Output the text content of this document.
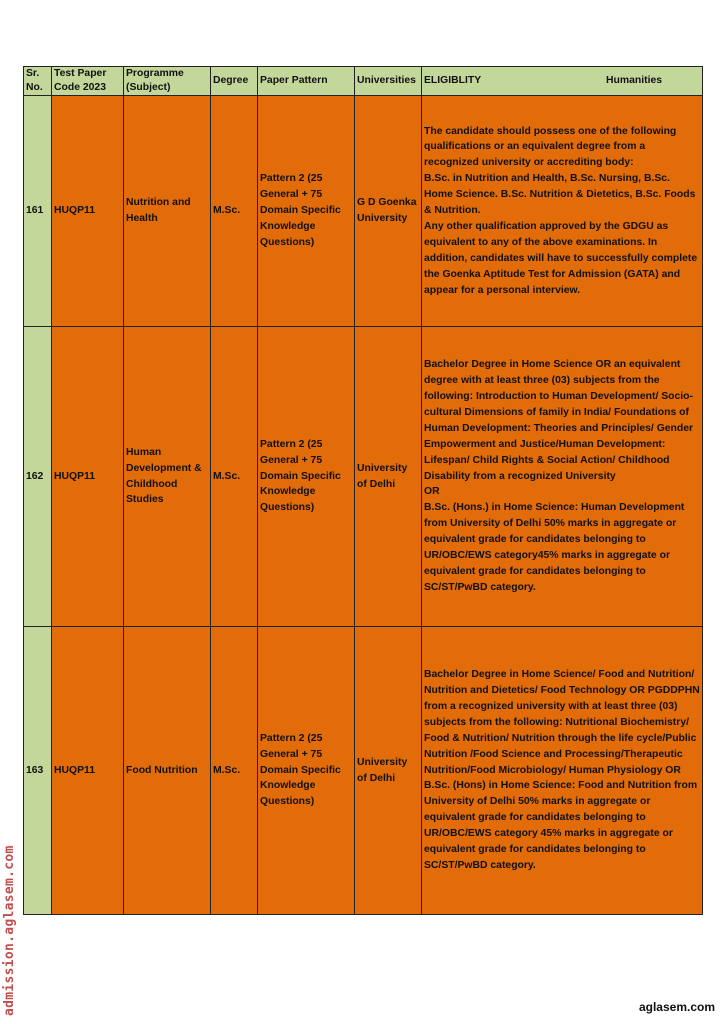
Sr. No.	Test Paper Code 2023	Programme (Subject)	Degree	Paper Pattern	Universities	ELIGIBLITY Humanities

161	HUQP11	Nutrition and Health	M.Sc.	Pattern 2 (25 General + 75 Domain Specific Knowledge Questions)	G D Goenka University	The candidate should possess one of the following qualifications or an equivalent degree from a recognized university or accrediting body:
B.Sc. in Nutrition and Health, B.Sc. Nursing, B.Sc. Home Science. B.Sc. Nutrition & Dietetics, B.Sc. Foods & Nutrition.
Any other qualification approved by the GDGU as equivalent to any of the above examinations. In addition, candidates will have to successfully complete the Goenka Aptitude Test for Admission (GATA) and appear for a personal interview.
162	HUQP11	Human Development & Childhood Studies	M.Sc.	Pattern 2 (25 General + 75 Domain Specific Knowledge Questions)	University of Delhi	Bachelor Degree in Home Science OR an equivalent degree with at least three (03) subjects from the following: Introduction to Human Development/ Socio-cultural Dimensions of family in India/ Foundations of Human Development: Theories and Principles/ Gender Empowerment and Justice/Human Development: Lifespan/ Child Rights & Social Action/ Childhood Disability from a recognized University
OR
B.Sc. (Hons.) in Home Science: Human Development from University of Delhi 50% marks in aggregate or equivalent grade for candidates belonging to UR/OBC/EWS category45% marks in aggregate or equivalent grade for candidates belonging to SC/ST/PwBD category.
163	HUQP11	Food Nutrition	M.Sc.	Pattern 2 (25 General + 75 Domain Specific Knowledge Questions)	University of Delhi	Bachelor Degree in Home Science/ Food and Nutrition/ Nutrition and Dietetics/ Food Technology OR PGDDPHN from a recognized university with at least three (03) subjects from the following: Nutritional Biochemistry/ Food & Nutrition/ Nutrition through the life cycle/Public Nutrition /Food Science and Processing/Therapeutic Nutrition/Food Microbiology/ Human Physiology OR
B.Sc. (Hons) in Home Science: Food and Nutrition from University of Delhi 50% marks in aggregate or equivalent grade for candidates belonging to UR/OBC/EWS category 45% marks in aggregate or equivalent grade for candidates belonging to SC/ST/PwBD category.
admission.aglasem.com	aglasem.com
